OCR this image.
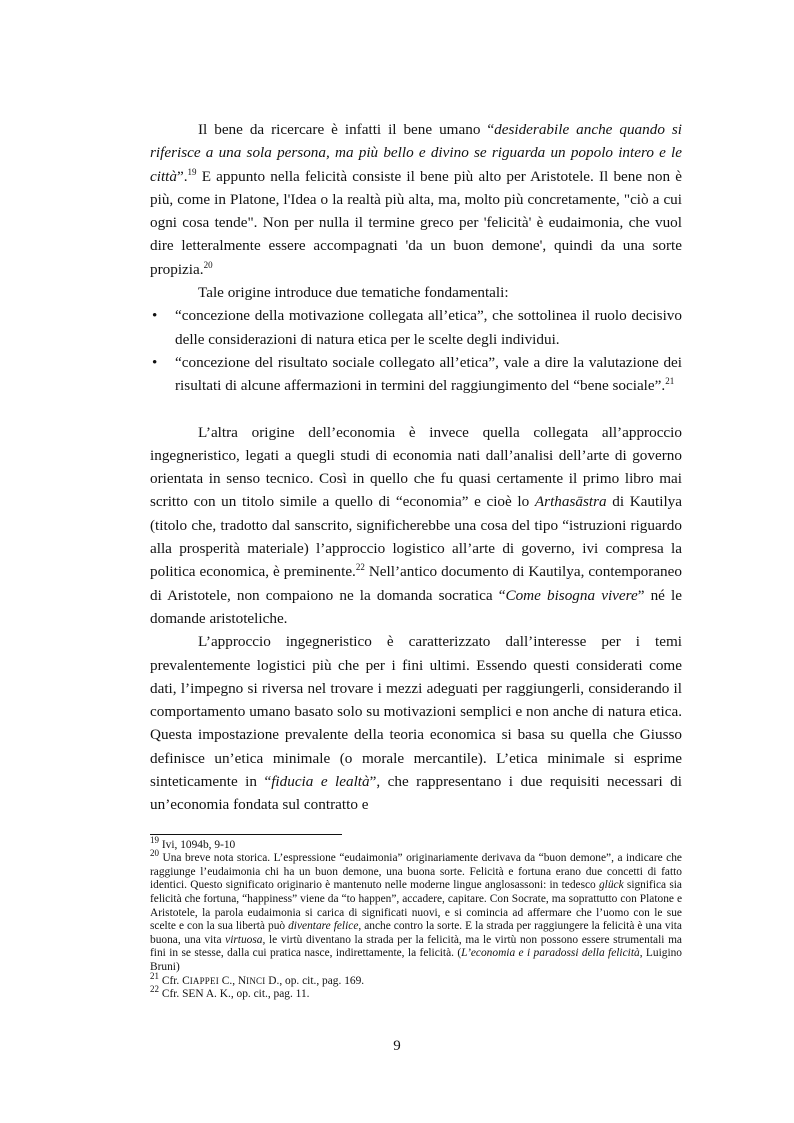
Il bene da ricercare è infatti il bene umano “desiderabile anche quando si riferisce a una sola persona, ma più bello e divino se riguarda un popolo intero e le città”.$^{19}$ E appunto nella felicità consiste il bene più alto per Aristotele. Il bene non è più, come in Platone, l'Idea o la realtà più alta, ma, molto più concretamente, "ciò a cui ogni cosa tende". Non per nulla il termine greco per 'felicità' è eudaimonia, che vuol dire letteralmente essere accompagnati 'da un buon demone', quindi da una sorte propizia.$^{20}$

Tale origine introduce due tematiche fondamentali:

• “concezione della motivazione collegata all’etica”, che sottolinea il ruolo decisivo delle considerazioni di natura etica per le scelte degli individui.
• “concezione del risultato sociale collegato all’etica”, vale a dire la valutazione dei risultati di alcune affermazioni in termini del raggiungimento del “bene sociale”.$^{21}$

L’altra origine dell’economia è invece quella collegata all’approccio ingegneristico, legati a quegli studi di economia nati dall’analisi dell’arte di governo orientata in senso tecnico. Così in quello che fu quasi certamente il primo libro mai scritto con un titolo simile a quello di “economia” e cioè lo Arthasāstra di Kautilya (titolo che, tradotto dal sanscrito, significherebbe una cosa del tipo “istruzioni riguardo alla prosperità materiale) l’approccio logistico all’arte di governo, ivi compresa la politica economica, è preminente.$^{22}$ Nell’antico documento di Kautilya, contemporaneo di Aristotele, non compaiono ne la domanda socratica “Come bisogna vivere” né le domande aristoteliche.

L’approccio ingegneristico è caratterizzato dall’interesse per i temi prevalentemente logistici più che per i fini ultimi. Essendo questi considerati come dati, l’impegno si riversa nel trovare i mezzi adeguati per raggiungerli, considerando il comportamento umano basato solo su motivazioni semplici e non anche di natura etica. Questa impostazione prevalente della teoria economica si basa su quella che Giusso definisce un’etica minimale (o morale mercantile). L’etica minimale si esprime sinteticamente in “fiducia e lealtà”, che rappresentano i due requisiti necessari di un’economia fondata sul contratto e

$^{19}$ Ivi, 1094b, 9-10

$^{20}$ Una breve nota storica. L’espressione “eudaimonia” originariamente derivava da “buon demone”, a indicare che raggiunge l’eudaimonia chi ha un buon demone, una buona sorte. Felicità e fortuna erano due concetti di fatto identici. Questo significato originario è mantenuto nelle moderne lingue anglosassoni: in tedesco glück significa sia felicità che fortuna, “happiness” viene da “to happen”, accadere, capitare. Con Socrate, ma soprattutto con Platone e Aristotele, la parola eudaimonia si carica di significati nuovi, e si comincia ad affermare che l’uomo con le sue scelte e con la sua libertà può diventare felice, anche contro la sorte. E la strada per raggiungere la felicità è una vita buona, una vita virtuosa, le virtù diventano la strada per la felicità, ma le virtù non possono essere strumentali ma fini in se stesse, dalla cui pratica nasce, indirettamente, la felicità. (L’economia e i paradossi della felicità, Luigino Bruni)

$^{21}$ Cfr. CIAPPEI C., NINCI D., op. cit., pag. 169.

$^{22}$ Cfr. SEN A. K., op. cit., pag. 11.

9
